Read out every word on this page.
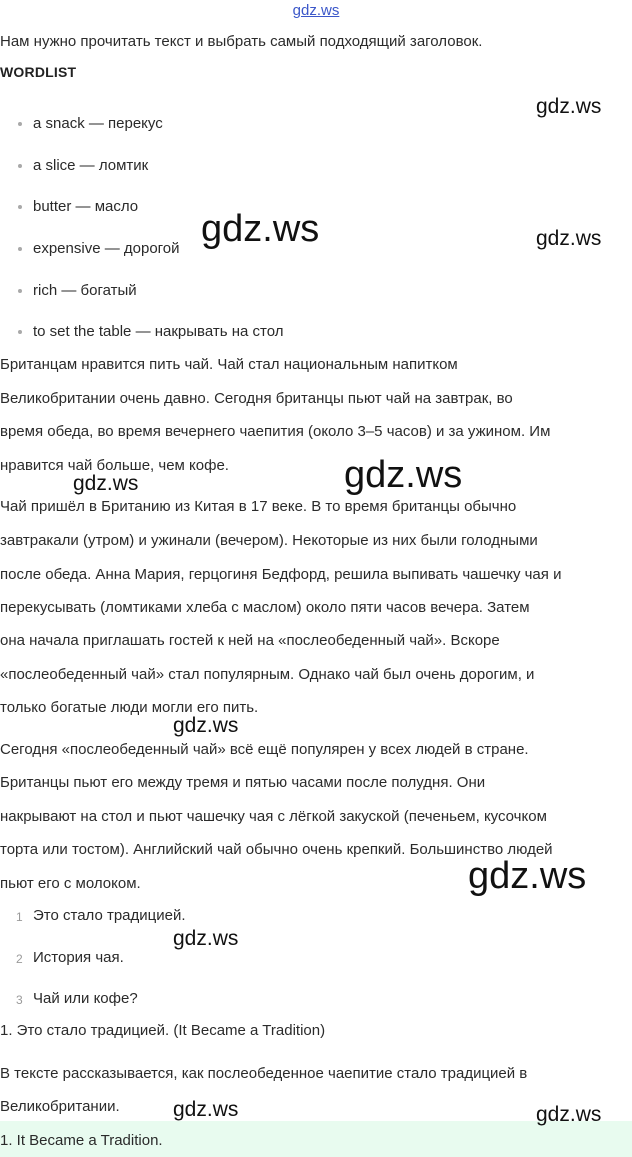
gdz.ws
Нам нужно прочитать текст и выбрать самый подходящий заголовок.
WORDLIST
a snack — перекус
a slice — ломтик
butter — масло
expensive — дорогой
rich — богатый
to set the table — накрывать на стол
Британцам нравится пить чай. Чай стал национальным напитком
Великобритании очень давно. Сегодня британцы пьют чай на завтрак, во
время обеда, во время вечернего чаепития (около 3–5 часов) и за ужином. Им
нравится чай больше, чем кофе.
Чай пришёл в Британию из Китая в 17 веке. В то время британцы обычно
завтракали (утром) и ужинали (вечером). Некоторые из них были голодными
после обеда. Анна Мария, герцогиня Бедфорд, решила выпивать чашечку чая и
перекусывать (ломтиками хлеба с маслом) около пяти часов вечера. Затем
она начала приглашать гостей к ней на «послеобеденный чай». Вскоре
«послеобеденный чай» стал популярным. Однако чай был очень дорогим, и
только богатые люди могли его пить.
Сегодня «послеобеденный чай» всё ещё популярен у всех людей в стране.
Британцы пьют его между тремя и пятью часами после полудня. Они
накрывают на стол и пьют чашечку чая с лёгкой закуской (печеньем, кусочком
торта или тостом). Английский чай обычно очень крепкий. Большинство людей
пьют его с молоком.
1 Это стало традицией.
2 История чая.
3 Чай или кофе?
1. Это стало традицией. (It Became a Tradition)
В тексте рассказывается, как послеобеденное чаепитие стало традицией в
Великобритании.
1. It Became a Tradition.
gdz.ws
gdz.ws	gdz.ws
gdz.ws
gdz.ws
gdz.ws
gdz.ws
gdz.ws
gdz.ws	gdz.ws
